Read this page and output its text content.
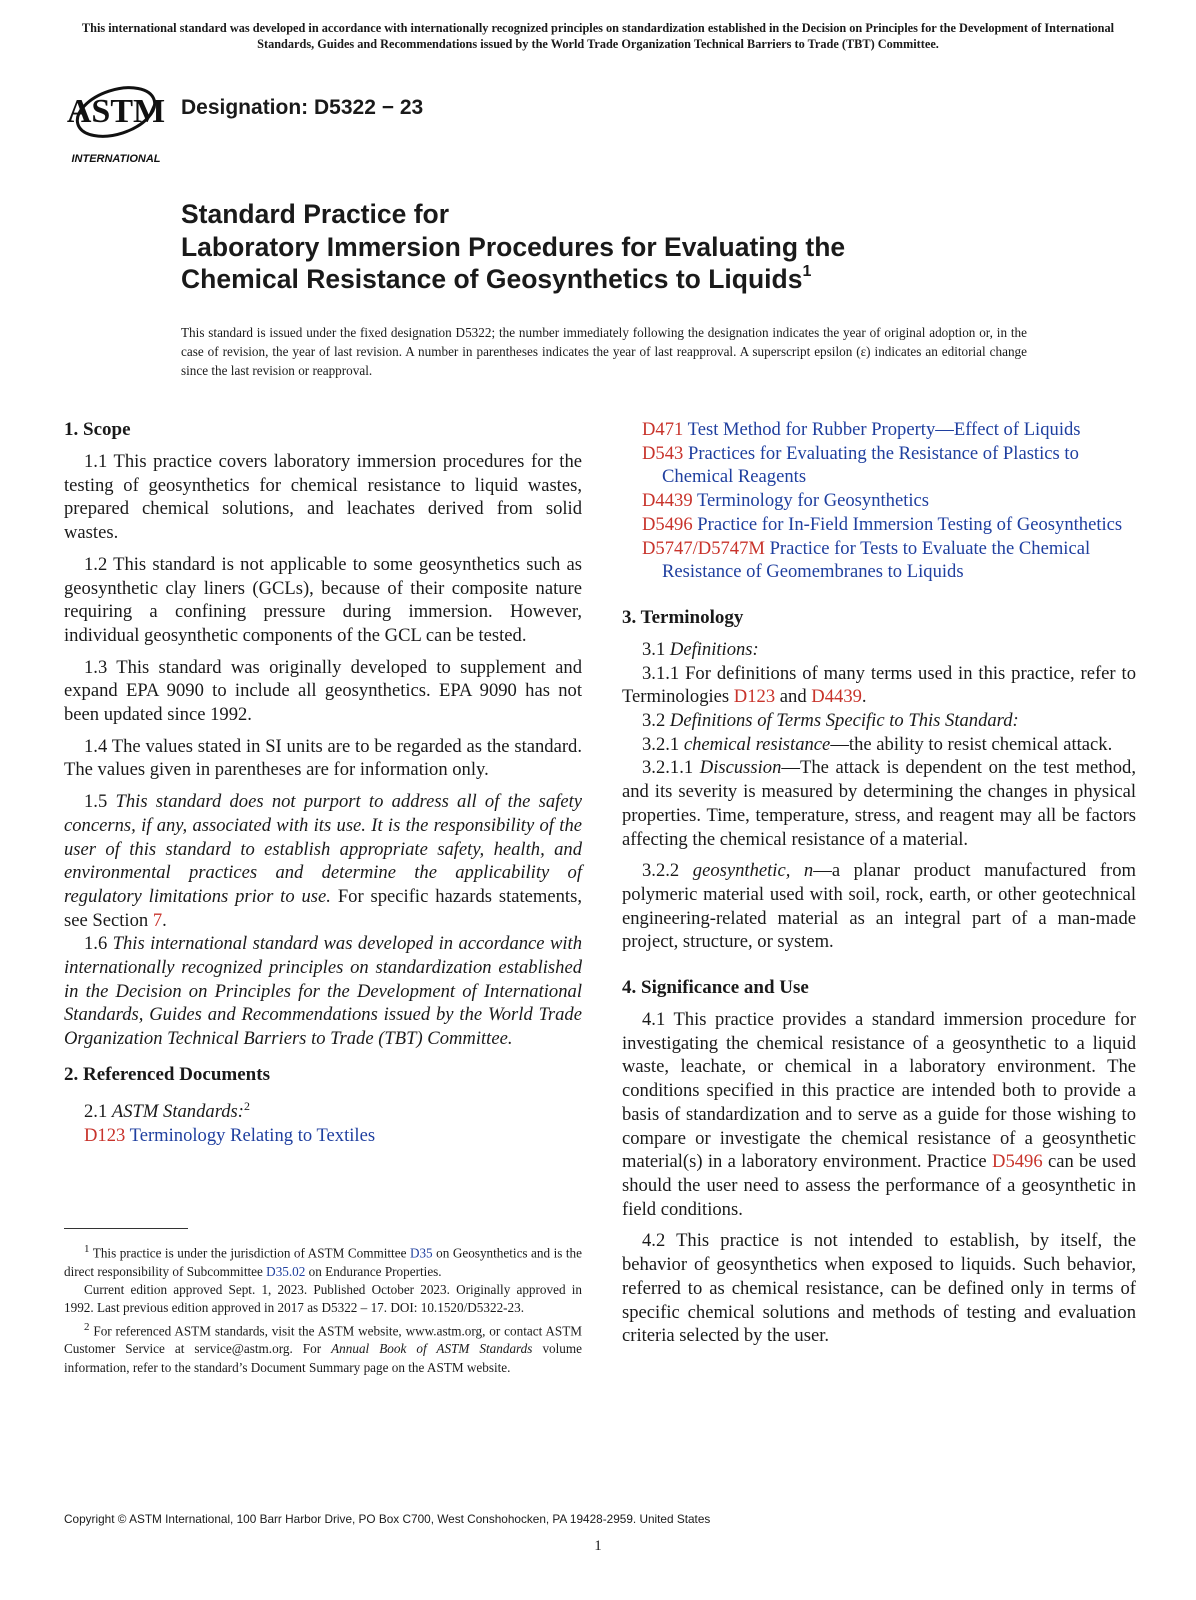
This international standard was developed in accordance with internationally recognized principles on standardization established in the Decision on Principles for the Development of International Standards, Guides and Recommendations issued by the World Trade Organization Technical Barriers to Trade (TBT) Committee.
ASTM
INTERNATIONAL
Designation: D5322 − 23
Standard Practice for
Laboratory Immersion Procedures for Evaluating the
Chemical Resistance of Geosynthetics to Liquids$^1$
This standard is issued under the fixed designation D5322; the number immediately following the designation indicates the year of original adoption or, in the case of revision, the year of last revision. A number in parentheses indicates the year of last reapproval. A superscript epsilon (ε) indicates an editorial change since the last revision or reapproval.
1. Scope

1.1 This practice covers laboratory immersion procedures for the testing of geosynthetics for chemical resistance to liquid wastes, prepared chemical solutions, and leachates derived from solid wastes.

1.2 This standard is not applicable to some geosynthetics such as geosynthetic clay liners (GCLs), because of their composite nature requiring a confining pressure during immersion. However, individual geosynthetic components of the GCL can be tested.

1.3 This standard was originally developed to supplement and expand EPA 9090 to include all geosynthetics. EPA 9090 has not been updated since 1992.

1.4 The values stated in SI units are to be regarded as the standard. The values given in parentheses are for information only.

1.5 This standard does not purport to address all of the safety concerns, if any, associated with its use. It is the responsibility of the user of this standard to establish appropriate safety, health, and environmental practices and determine the applicability of regulatory limitations prior to use. For specific hazards statements, see Section 7.

1.6 This international standard was developed in accordance with internationally recognized principles on standardization established in the Decision on Principles for the Development of International Standards, Guides and Recommendations issued by the World Trade Organization Technical Barriers to Trade (TBT) Committee.

2. Referenced Documents

2.1 ASTM Standards:$^2$

D123 Terminology Relating to Textiles

$^1$ This practice is under the jurisdiction of ASTM Committee D35 on Geosynthetics and is the direct responsibility of Subcommittee D35.02 on Endurance Properties.

Current edition approved Sept. 1, 2023. Published October 2023. Originally approved in 1992. Last previous edition approved in 2017 as D5322 – 17. DOI: 10.1520/D5322-23.

$^2$ For referenced ASTM standards, visit the ASTM website, www.astm.org, or contact ASTM Customer Service at service@astm.org. For Annual Book of ASTM Standards volume information, refer to the standard’s Document Summary page on the ASTM website.

D471 Test Method for Rubber Property—Effect of Liquids
D543 Practices for Evaluating the Resistance of Plastics to Chemical Reagents
D4439 Terminology for Geosynthetics
D5496 Practice for In-Field Immersion Testing of Geosynthetics
D5747/D5747M Practice for Tests to Evaluate the Chemical Resistance of Geomembranes to Liquids
3. Terminology

3.1 Definitions:

3.1.1 For definitions of many terms used in this practice, refer to Terminologies D123 and D4439.

3.2 Definitions of Terms Specific to This Standard:

3.2.1 chemical resistance—the ability to resist chemical attack.

3.2.1.1 Discussion—The attack is dependent on the test method, and its severity is measured by determining the changes in physical properties. Time, temperature, stress, and reagent may all be factors affecting the chemical resistance of a material.

3.2.2 geosynthetic, n—a planar product manufactured from polymeric material used with soil, rock, earth, or other geotechnical engineering-related material as an integral part of a man-made project, structure, or system.

4. Significance and Use

4.1 This practice provides a standard immersion procedure for investigating the chemical resistance of a geosynthetic to a liquid waste, leachate, or chemical in a laboratory environment. The conditions specified in this practice are intended both to provide a basis of standardization and to serve as a guide for those wishing to compare or investigate the chemical resistance of a geosynthetic material(s) in a laboratory environment. Practice D5496 can be used should the user need to assess the performance of a geosynthetic in field conditions.

4.2 This practice is not intended to establish, by itself, the behavior of geosynthetics when exposed to liquids. Such behavior, referred to as chemical resistance, can be defined only in terms of specific chemical solutions and methods of testing and evaluation criteria selected by the user.

Copyright © ASTM International, 100 Barr Harbor Drive, PO Box C700, West Conshohocken, PA 19428-2959. United States
1
